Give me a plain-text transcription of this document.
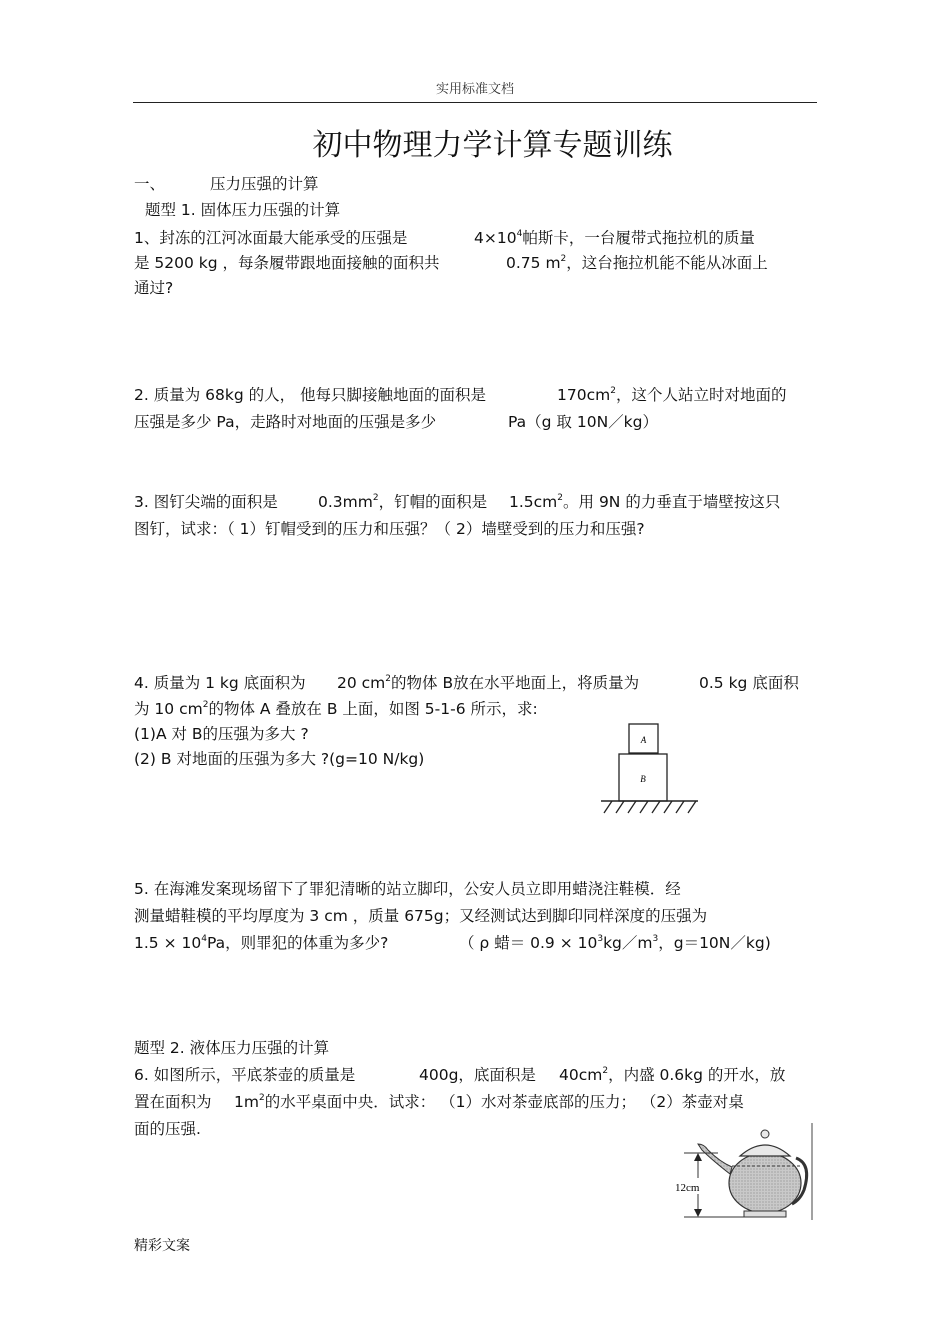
实用标准文档
初中物理力学计算专题训练
一、	压力压强的计算
题型 1. 固体压力压强的计算
1、封冻的江河冰面最大能承受的压强是	$4\times 10^4$帕斯卡，一台履带式拖拉机的质量
是 5200 kg ，每条履带跟地面接触的面积共	0.75 $m^2$，这台拖拉机能不能从冰面上
通过?
2. 质量为 68kg 的人， 他每只脚接触地面的面积是	$170cm^2$，这个人站立时对地面的
压强是多少 Pa，走路时对地面的压强是多少	Pa（g 取 10N／kg）
3. 图钉尖端的面积是	$0.3mm^2$，钉帽的面积是 $1.5cm^2$。用 9N 的力垂直于墙壁按这只
图钉，试求：（ 1）钉帽受到的压力和压强？（ 2）墙壁受到的压力和压强?
4. 质量为 1 kg 底面积为 20 $cm^2$的物体 B放在水平地面上，将质量为	0.5 kg 底面积
为 10 $cm^2$的物体 A 叠放在 B 上面，如图 5-1-6 所示，求:
(1)A 对 B的压强为多大 ?
(2) B 对地面的压强为多大 ?(g=10 N/kg)
A
B
5. 在海滩发案现场留下了罪犯清晰的站立脚印，公安人员立即用蜡浇注鞋模．经
测量蜡鞋模的平均厚度为 3 cm ，质量 675g；又经测试达到脚印同样深度的压强为
$1.5 \times 10^4Pa$，则罪犯的体重为多少?	（ ρ 蜡＝ $0.9 \times 10^3kg/m^3$，g＝10N／kg)
题型 2. 液体压力压强的计算
6. 如图所示，平底茶壶的质量是	400g，底面积是 $40cm^2$，内盛 0.6kg 的开水，放
置在面积为 $1m^2$的水平桌面中央．试求： （1）水对茶壶底部的压力； （2）茶壶对桌
面的压强.
12cm
精彩文案
